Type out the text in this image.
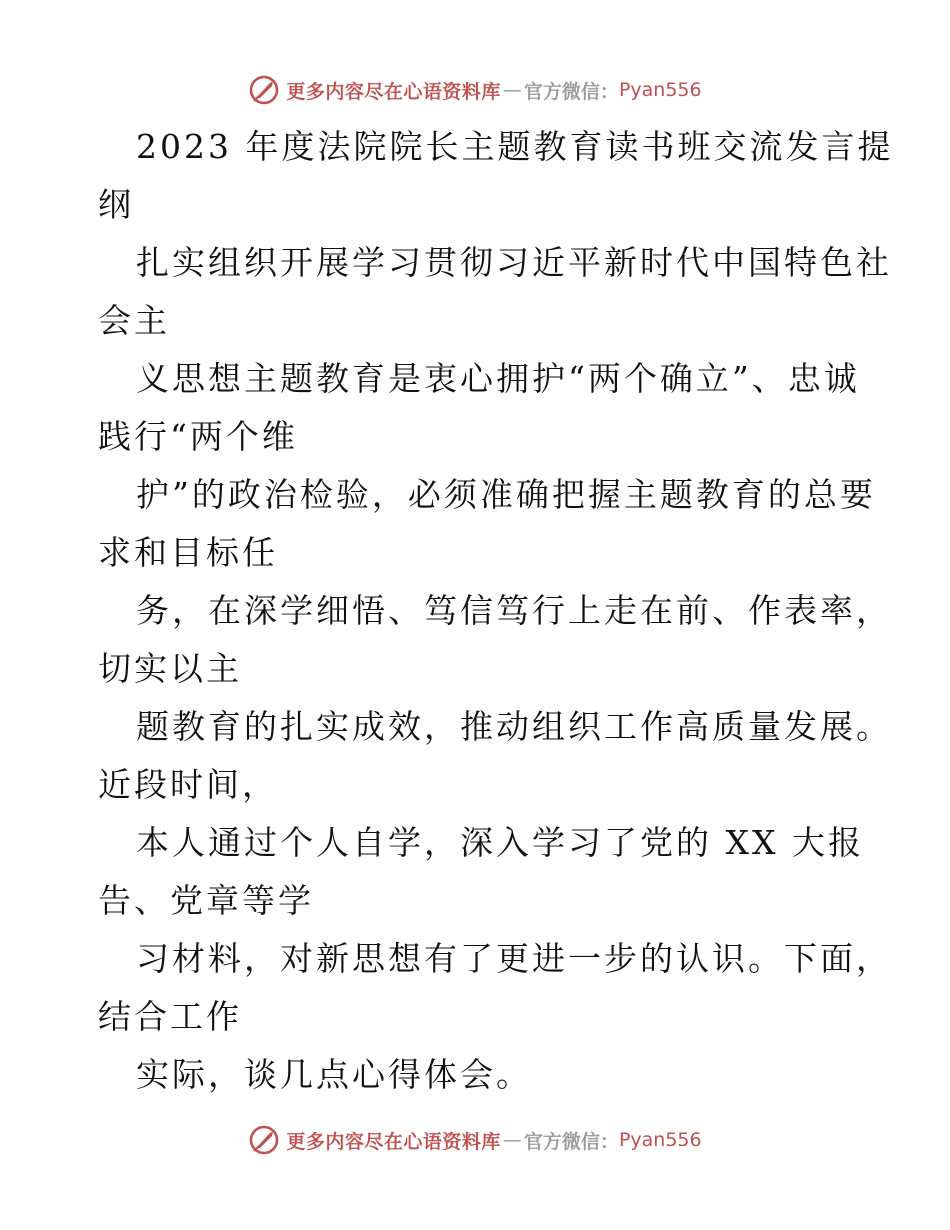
更多内容尽在心语资料库 — 官方微信： Pyan556
2023 年度法院院长主题教育读书班交流发言提
纲
扎实组织开展学习贯彻习近平新时代中国特色社
会主
义思想主题教育是衷心拥护“两个确立”、忠诚
践行“两个维
护”的政治检验，必须准确把握主题教育的总要
求和目标任
务，在深学细悟、笃信笃行上走在前、作表率，
切实以主
题教育的扎实成效，推动组织工作高质量发展。
近段时间，
本人通过个人自学，深入学习了党的 XX 大报
告、党章等学
习材料，对新思想有了更进一步的认识。下面，
结合工作
实际，谈几点心得体会。
更多内容尽在心语资料库 — 官方微信： Pyan556
